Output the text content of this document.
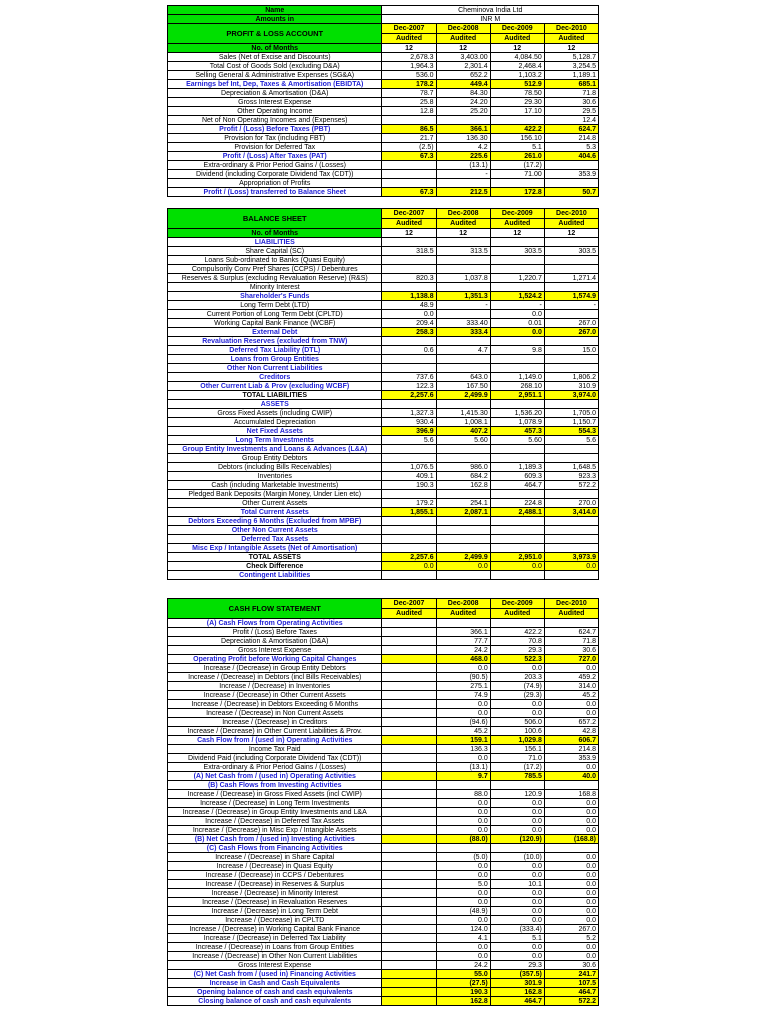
Name	Cheminova India Ltd			
Amounts in	INR M			
PROFIT & LOSS ACCOUNT	Dec-2007	Dec-2008	Dec-2009	Dec-2010
	Audited	Audited	Audited	Audited
No. of Months	12	12	12	12
Sales (Net of Excise and Discounts)	2,678.3	3,403.00	4,084.50	5,128.7
Total Cost of Goods Sold (excluding D&A)	1,964.3	2,301.4	2,468.4	3,254.5
Selling General & Administrative Expenses (SG&A)	536.0	652.2	1,103.2	1,189.1
Earnings bef Int, Dep, Taxes & Amortisation (EBIDTA)	178.2	449.4	512.9	685.1
Depreciation & Amortisation (D&A)	78.7	84.30	78.50	71.8
Gross Interest Expense	25.8	24.20	29.30	30.6
Other Operating Income	12.8	25.20	17.10	29.5
Net of Non Operating Incomes and (Expenses)				12.4
Profit / (Loss) Before Taxes (PBT)	86.5	366.1	422.2	624.7
Provision for Tax (including FBT)	21.7	136.30	156.10	214.8
Provision for Deferred Tax	(2.5)	4.2	5.1	5.3
Profit / (Loss) After Taxes (PAT)	67.3	225.6	261.0	404.6
Extra-ordinary & Prior Period Gains / (Losses)		(13.1)	(17.2)	
Dividend (including Corporate Dividend Tax (CDT))		-	71.00	353.9
Appropriation of Profits				
Profit / (Loss) transferred to Balance Sheet	67.3	212.5	172.8	50.7
BALANCE SHEET	Dec-2007	Dec-2008	Dec-2009	Dec-2010
	Audited	Audited	Audited	Audited
No. of Months	12	12	12	12
LIABILITIES				
Share Capital (SC)	318.5	313.5	303.5	303.5
Loans Sub-ordinated to Banks (Quasi Equity)				
Compulsorily Conv Pref Shares (CCPS) / Debentures				
Reserves & Surplus (excluding Revaluation Reserve) (R&S)	820.3	1,037.8	1,220.7	1,271.4
Minority Interest				
Shareholder's Funds	1,138.8	1,351.3	1,524.2	1,574.9
Long Term Debt (LTD)	48.9	-	-	-
Current Portion of Long Term Debt (CPLTD)	0.0		0.0	
Working Capital Bank Finance (WCBF)	209.4	333.40	0.01	267.0
External Debt	258.3	333.4	0.0	267.0
Revaluation Reserves (excluded from TNW)				
Deferred Tax Liability (DTL)	0.6	4.7	9.8	15.0
Loans from Group Entities				
Other Non Current Liabilities				
Creditors	737.6	643.0	1,149.0	1,806.2
Other Current Liab & Prov (excluding WCBF)	122.3	167.50	268.10	310.9
TOTAL LIABILITIES	2,257.6	2,499.9	2,951.1	3,974.0
ASSETS				
Gross Fixed Assets (including CWIP)	1,327.3	1,415.30	1,536.20	1,705.0
Accumulated Depreciation	930.4	1,008.1	1,078.9	1,150.7
Net Fixed Assets	396.9	407.2	457.3	554.3
Long Term Investments	5.6	5.60	5.60	5.6
Group Entity Investments and Loans & Advances (L&A)				
Group Entity Debtors				
Debtors (including Bills Receivables)	1,076.5	986.0	1,189.3	1,648.5
Inventories	409.1	684.2	609.3	923.3
Cash (including Marketable Investments)	190.3	162.8	464.7	572.2
Pledged Bank Deposits (Margin Money, Under Lien etc)				
Other Current Assets	179.2	254.1	224.8	270.0
Total Current Assets	1,855.1	2,087.1	2,488.1	3,414.0
Debtors Exceeding 6 Months (Excluded from MPBF)				
Other Non Current Assets				
Deferred Tax Assets				
Misc Exp / Intangible Assets (Net of Amortisation)				
TOTAL ASSETS	2,257.6	2,499.9	2,951.0	3,973.9
Check Difference	0.0	0.0	0.0	0.0
Contingent Liabilities				
CASH FLOW STATEMENT	Dec-2007	Dec-2008	Dec-2009	Dec-2010
	Audited	Audited	Audited	Audited
(A) Cash Flows from Operating Activities				
Profit / (Loss) Before Taxes		366.1	422.2	624.7
Depreciation & Amortisation (D&A)		77.7	70.8	71.8
Gross Interest Expense		24.2	29.3	30.6
Operating Profit before Working Capital Changes		468.0	522.3	727.0
Increase / (Decrease) in Group Entity Debtors		0.0	0.0	0.0
Increase / (Decrease) in Debtors (incl Bills Receivables)		(90.5)	203.3	459.2
Increase / (Decrease) in Inventories		275.1	(74.9)	314.0
Increase / (Decrease) in Other Current Assets		74.9	(29.3)	45.2
Increase / (Decrease) in Debtors Exceeding 6 Months		0.0	0.0	0.0
Increase / (Decrease) in Non Current Assets		0.0	0.0	0.0
Increase / (Decrease) in Creditors		(94.6)	506.0	657.2
Increase / (Decrease) in Other Current Liabilities & Prov.		45.2	100.6	42.8
Cash Flow from / (used in) Operating Activities		159.1	1,029.8	606.7
Income Tax Paid		136.3	156.1	214.8
Dividend Paid (including Corporate Dividend Tax (CDT))		0.0	71.0	353.9
Extra-ordinary & Prior Period Gains / (Losses)		(13.1)	(17.2)	0.0
(A) Net Cash from / (used in) Operating Activities		9.7	785.5	40.0
(B) Cash Flows from Investing Activities				
Increase / (Decrease) in Gross Fixed Assets (incl CWIP)		88.0	120.9	168.8
Increase / (Decrease) in Long Term Investments		0.0	0.0	0.0
Increase / (Decrease) in Group Entity Investments and L&A		0.0	0.0	0.0
Increase / (Decrease) in Deferred Tax Assets		0.0	0.0	0.0
Increase / (Decrease) in Misc Exp / Intangible Assets		0.0	0.0	0.0
(B) Net Cash from / (used in) Investing Activities		(88.0)	(120.9)	(168.8)
(C) Cash Flows from Financing Activities				
Increase / (Decrease) in Share Capital		(5.0)	(10.0)	0.0
Increase / (Decrease) in Quasi Equity		0.0	0.0	0.0
Increase / (Decrease) in CCPS / Debentures		0.0	0.0	0.0
Increase / (Decrease) in Reserves & Surplus		5.0	10.1	0.0
Increase / (Decrease) in Minority Interest		0.0	0.0	0.0
Increase / (Decrease) in Revaluation Reserves		0.0	0.0	0.0
Increase / (Decrease) in Long Term Debt		(48.9)	0.0	0.0
Increase / (Decrease) in CPLTD		0.0	0.0	0.0
Increase / (Decrease) in Working Capital Bank Finance		124.0	(333.4)	267.0
Increase / (Decrease) in Deferred Tax Liability		4.1	5.1	5.2
Increase / (Decrease) in Loans from Group Entities		0.0	0.0	0.0
Increase / (Decrease) in Other Non Current Liabilities		0.0	0.0	0.0
Gross Interest Expense		24.2	29.3	30.6
(C) Net Cash from / (used in) Financing Activities		55.0	(357.5)	241.7
Increase in Cash and Cash Equivalents		(27.5)	301.9	107.5
Opening balance of cash and cash equivalents		190.3	162.8	464.7
Closing balance of cash and cash equivalents		162.8	464.7	572.2
